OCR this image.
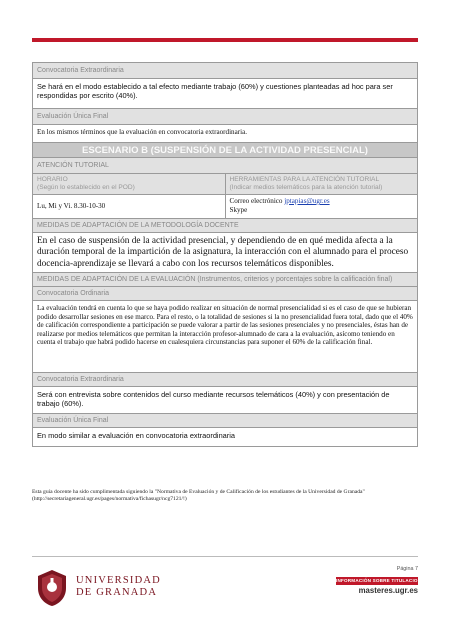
Convocatoria Extraordinaria
Se hará en el modo establecido a tal efecto mediante trabajo (60%) y cuestiones planteadas ad hoc para ser respondidas por escrito (40%).
Evaluación Única Final
En los mismos términos que la evaluación en convocatoria extraordinaria.
ESCENARIO B (SUSPENSIÓN DE LA ACTIVIDAD PRESENCIAL)
ATENCIÓN TUTORIAL
HORARIO
(Según lo establecido en el POD)
HERRAMIENTAS PARA LA ATENCIÓN TUTORIAL
(Indicar medios telemáticos para la atención tutorial)
Lu, Mi y Vi. 8.30-10-30
Correo electrónico jptapias@ugr.es
Skype
MEDIDAS DE ADAPTACIÓN DE LA METODOLOGÍA DOCENTE
En el caso de suspensión de la actividad presencial, y dependiendo de en qué medida afecta a la duración temporal de la impartición de la asignatura, la interacción con el alumnado para el proceso docencia-aprendizaje se llevará a cabo con los recursos telemáticos disponibles.
MEDIDAS DE ADAPTACIÓN DE LA EVALUACIÓN (Instrumentos, criterios y porcentajes sobre la calificación final)
Convocatoria Ordinaria
La evaluación tendrá en cuenta lo que se haya podido realizar en situación de normal presencialidad si es el caso de que se hubieran podido desarrollar sesiones en ese marco. Para el resto, o la totalidad de sesiones si la no presencialidad fuera total, dado que el 40% de calificación correspondiente a participación se puede valorar a partir de las sesiones presenciales y no presenciales, éstas han de realizarse por medios telemáticos que permitan la interacción profesor-alumnado de cara a la evaluación, asícomo teniendo en cuenta el trabajo que habrá podido hacerse en cualesquiera circunstancias para suponer el 60% de la calificación final.
Convocatoria Extraordinaria
Será con entrevista sobre contenidos del curso mediante recursos telemáticos (40%) y con presentación de trabajo (60%).
Evaluación Única Final
En modo similar a evaluación en convocatoria extraordinaria
Esta guía docente ha sido cumplimentada siguiendo la "Normativa de Evaluación y de Calificación de los estudiantes de la Universidad de Granada" (http://secretariageneral.ugr.es/pages/normativa/fichasugr/ncg7121/!)
UNIVERSIDAD
DE GRANADA
Página 7
INFORMACIÓN SOBRE TITULACIONES DE LA UGR
masteres.ugr.es
